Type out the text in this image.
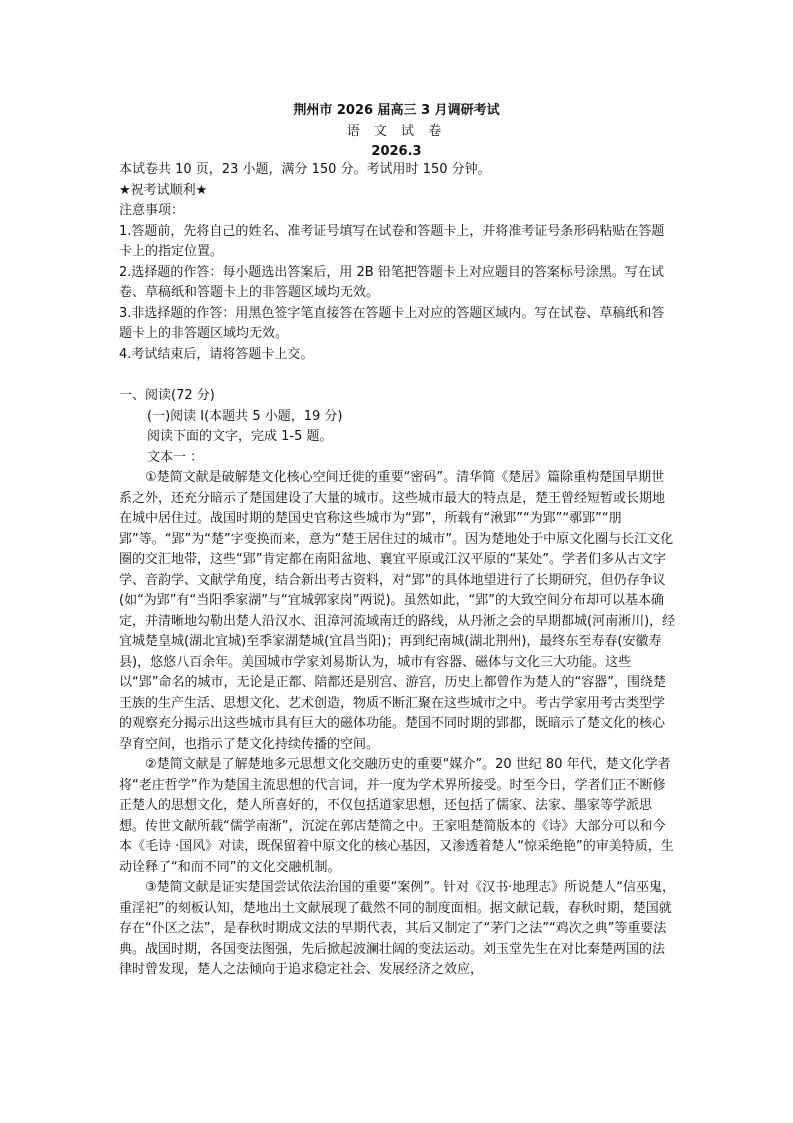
荆州市 2026 届高三 3 月调研考试
语 文 试 卷
2026.3

本试卷共 10 页，23 小题，满分 150 分。考试用时 150 分钟。

★祝考试顺利★

注意事项：

1.答题前，先将自己的姓名、准考证号填写在试卷和答题卡上，并将准考证号条形码粘贴在答题卡上的指定位置。

2.选择题的作答：每小题选出答案后，用 2B 铅笔把答题卡上对应题目的答案标号涂黑。写在试卷、草稿纸和答题卡上的非答题区域均无效。

3.非选择题的作答：用黑色签字笔直接答在答题卡上对应的答题区域内。写在试卷、草稿纸和答题卡上的非答题区域均无效。

4.考试结束后，请将答题卡上交。

一、阅读(72 分)

(一)阅读 I(本题共 5 小题，19 分)

阅读下面的文字，完成 1-5 题。

文本一 ：

①楚简文献是破解楚文化核心空间迁徙的重要“密码”。清华简《楚居》篇除重构楚国早期世系之外，还充分暗示了楚国建设了大量的城市。这些城市最大的特点是，楚王曾经短暂或长期地在城中居住过。战国时期的楚国史官称这些城市为“郢”，所载有“湫郢”“为郢”“鄩郢”“朋郢”等。“郢”为“楚”字变换而来，意为“楚王居住过的城市”。因为楚地处于中原文化圈与长江文化圈的交汇地带，这些“郢”肯定都在南阳盆地、襄宜平原或江汉平原的“某处”。学者们多从古文字学、音韵学、文献学角度，结合新出考古资料，对“郢”的具体地望进行了长期研究，但仍存争议(如“为郢”有“当阳季家湖”与“宜城郭家岗”两说)。虽然如此，“郢”的大致空间分布却可以基本确定，并清晰地勾勒出楚人沿汉水、沮漳河流域南迁的路线，从丹淅之会的早期都城(河南淅川)，经宜城楚皇城(湖北宜城)至季家湖楚城(宜昌当阳)；再到纪南城(湖北荆州)，最终东至寿春(安徽寿县)，悠悠八百余年。美国城市学家刘易斯认为，城市有容器、磁体与文化三大功能。这些以“郢”命名的城市，无论是正都、陪都还是别宫、游宫，历史上都曾作为楚人的“容器”，围绕楚王族的生产生活、思想文化、艺术创造，物质不断汇聚在这些城市之中。考古学家用考古类型学的观察充分揭示出这些城市具有巨大的磁体功能。楚国不同时期的郢都，既暗示了楚文化的核心孕育空间，也指示了楚文化持续传播的空间。

②楚简文献是了解楚地多元思想文化交融历史的重要“媒介”。20 世纪 80 年代，楚文化学者将“老庄哲学”作为楚国主流思想的代言词，并一度为学术界所接受。时至今日，学者们正不断修正楚人的思想文化，楚人所喜好的，不仅包括道家思想，还包括了儒家、法家、墨家等学派思想。传世文献所载“儒学南渐”，沉淀在郭店楚简之中。王家咀楚简版本的《诗》大部分可以和今本《毛诗 ·国风》对读，既保留着中原文化的核心基因，又渗透着楚人“惊采绝艳”的审美特质，生动诠释了“和而不同”的文化交融机制。

③楚简文献是证实楚国尝试依法治国的重要“案例”。针对《汉书·地理志》所说楚人“信巫鬼，重淫祀”的刻板认知，楚地出土文献展现了截然不同的制度面相。据文献记载，春秋时期，楚国就存在“仆区之法”，是春秋时期成文法的早期代表，其后又制定了“茅门之法”“鸡次之典”等重要法典。战国时期，各国变法图强，先后掀起波澜壮阔的变法运动。刘玉堂先生在对比秦楚两国的法律时曾发现，楚人之法倾向于追求稳定社会、发展经济之效应，
